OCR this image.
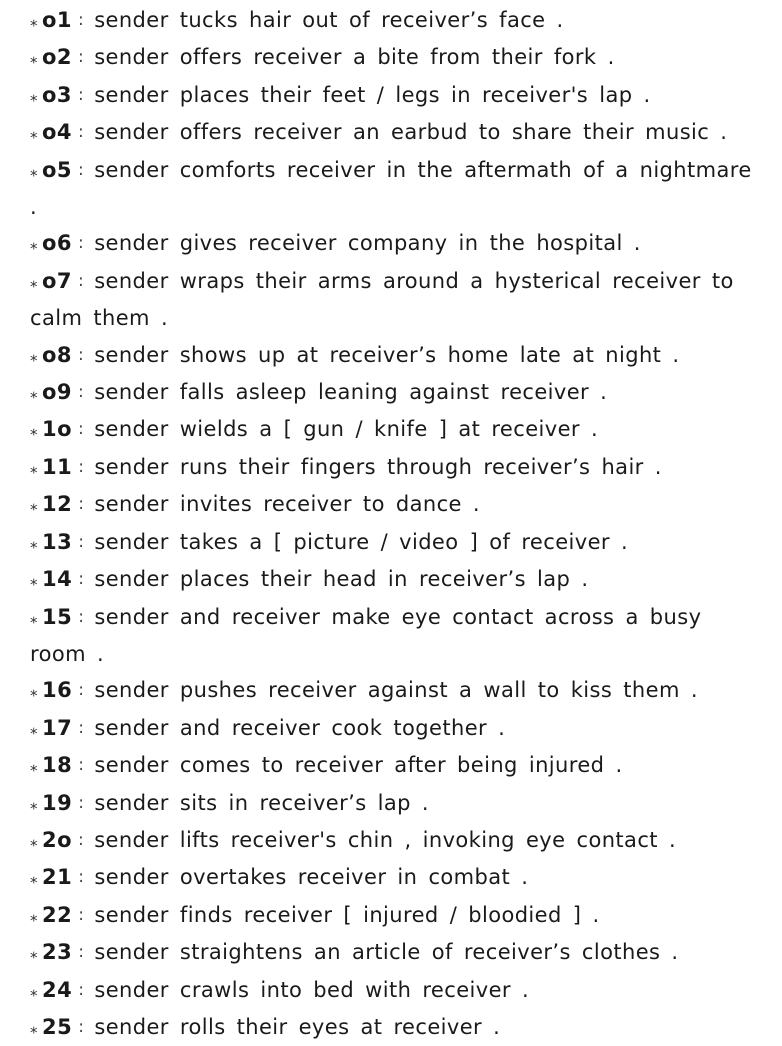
⁎ o1 : sender tucks hair out of receiver’s face .
⁎ o2 : sender offers receiver a bite from their fork .
⁎ o3 : sender places their feet / legs in receiver's lap .
⁎ o4 : sender offers receiver an earbud to share their music .
⁎ o5 : sender comforts receiver in the aftermath of a nightmare .
⁎ o6 : sender gives receiver company in the hospital .
⁎ o7 : sender wraps their arms around a hysterical receiver to calm them .
⁎ o8 : sender shows up at receiver’s home late at night .
⁎ o9 : sender falls asleep leaning against receiver .
⁎ 1o : sender wields a [ gun / knife ] at receiver .
⁎ 11 : sender runs their fingers through receiver’s hair .
⁎ 12 : sender invites receiver to dance .
⁎ 13 : sender takes a [ picture / video ] of receiver .
⁎ 14 : sender places their head in receiver’s lap .
⁎ 15 : sender and receiver make eye contact across a busy room .
⁎ 16 : sender pushes receiver against a wall to kiss them .
⁎ 17 : sender and receiver cook together .
⁎ 18 : sender comes to receiver after being injured .
⁎ 19 : sender sits in receiver’s lap .
⁎ 2o : sender lifts receiver's chin , invoking eye contact .
⁎ 21 : sender overtakes receiver in combat .
⁎ 22 : sender finds receiver [ injured / bloodied ] .
⁎ 23 : sender straightens an article of receiver’s clothes .
⁎ 24 : sender crawls into bed with receiver .
⁎ 25 : sender rolls their eyes at receiver .
